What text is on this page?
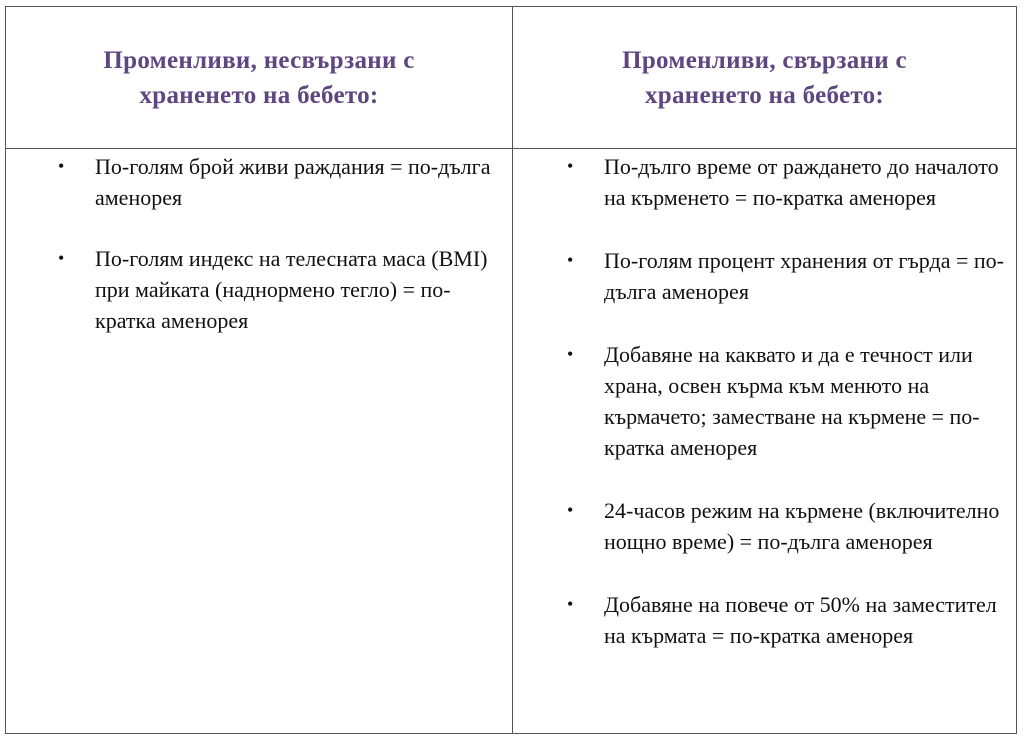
Променливи, несвързани с храненето на бебето:
Променливи, свързани с храненето на бебето:
• По-голям брой живи раждания = по-дълга аменорея
• По-голям индекс на телесната маса (BMI) при майката (наднормено тегло) = по-кратка аменорея
• По-дълго време от раждането до началото на кърменето = по-кратка аменорея
• По-голям процент хранения от гърда = по-дълга аменорея
• Добавяне на каквато и да е течност или храна, освен кърма към менюто на кърмачето; заместване на кърмене = по-кратка аменорея
• 24-часов режим на кърмене (включително нощно време) = по-дълга аменорея
• Добавяне на повече от 50% на заместител на кърмата = по-кратка аменорея
